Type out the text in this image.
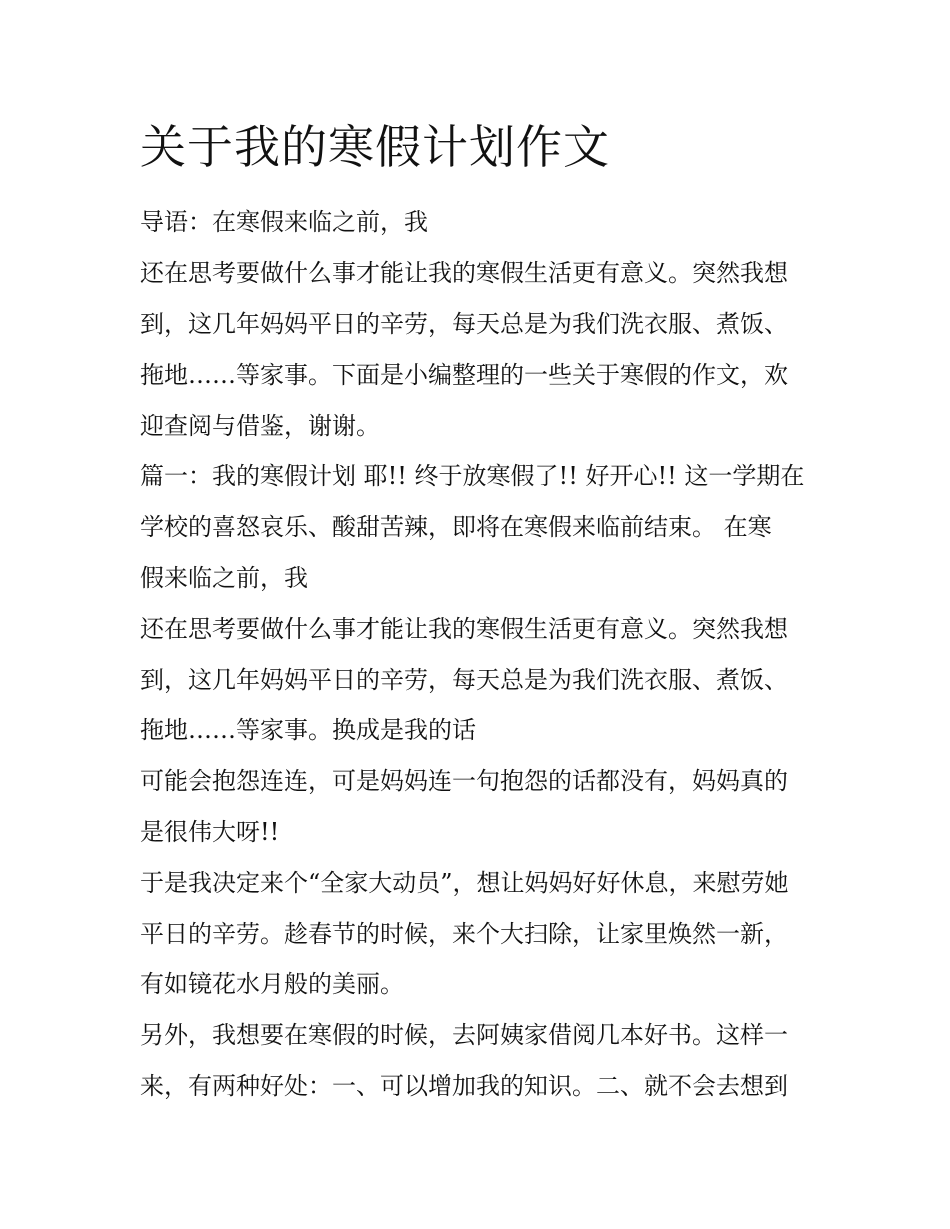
关于我的寒假计划作文

导语：在寒假来临之前，我

还在思考要做什么事才能让我的寒假生活更有意义。突然我想

到，这几年妈妈平日的辛劳，每天总是为我们洗衣服、煮饭、

拖地……等家事。下面是小编整理的一些关于寒假的作文，欢

迎查阅与借鉴，谢谢。

篇一：我的寒假计划 耶!! 终于放寒假了!! 好开心!! 这一学期在

学校的喜怒哀乐、酸甜苦辣，即将在寒假来临前结束。 在寒

假来临之前，我

还在思考要做什么事才能让我的寒假生活更有意义。突然我想

到，这几年妈妈平日的辛劳，每天总是为我们洗衣服、煮饭、

拖地……等家事。换成是我的话

可能会抱怨连连，可是妈妈连一句抱怨的话都没有，妈妈真的

是很伟大呀!!

于是我决定来个“全家大动员”，想让妈妈好好休息，来慰劳她

平日的辛劳。趁春节的时候，来个大扫除，让家里焕然一新，

有如镜花水月般的美丽。

另外，我想要在寒假的时候，去阿姨家借阅几本好书。这样一

来，有两种好处：一、可以增加我的知识。二、就不会去想到
